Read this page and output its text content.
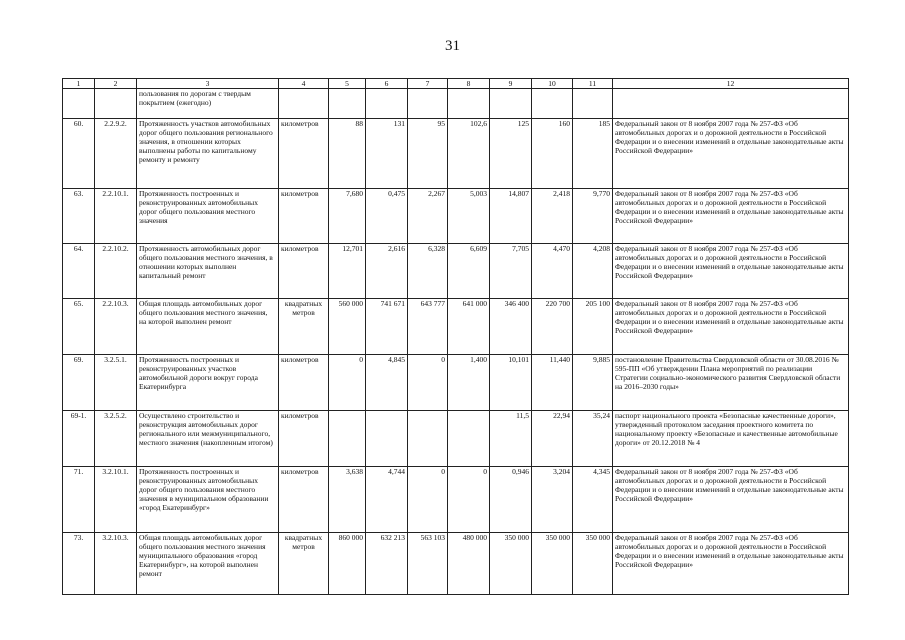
31
1	2	3	4	5	6	7	8	9	10	11	12
		пользования по дорогам с твердым покрытием (ежегодно)									
60.	2.2.9.2.	Протяженность участков автомобильных дорог общего пользования регионального значения, в отношении которых выполнены работы по капитальному ремонту и ремонту	километров	88	131	95	102,6	125	160	185	Федеральный закон от 8 ноября 2007 года № 257-ФЗ «Об автомобильных дорогах и о дорожной деятельности в Российской Федерации и о внесении изменений в отдельные законодательные акты Российской Федерации»
63.	2.2.10.1.	Протяженность построенных и реконструированных автомобильных дорог общего пользования местного значения	километров	7,680	0,475	2,267	5,003	14,807	2,418	9,770	Федеральный закон от 8 ноября 2007 года № 257-ФЗ «Об автомобильных дорогах и о дорожной деятельности в Российской Федерации и о внесении изменений в отдельные законодательные акты Российской Федерации»
64.	2.2.10.2.	Протяженность автомобильных дорог общего пользования местного значения, в отношении которых выполнен капитальный ремонт	километров	12,701	2,616	6,328	6,609	7,705	4,470	4,208	Федеральный закон от 8 ноября 2007 года № 257-ФЗ «Об автомобильных дорогах и о дорожной деятельности в Российской Федерации и о внесении изменений в отдельные законодательные акты Российской Федерации»
65.	2.2.10.3.	Общая площадь автомобильных дорог общего пользования местного значения, на которой выполнен ремонт	квадратных метров	560 000	741 671	643 777	641 000	346 400	220 700	205 100	Федеральный закон от 8 ноября 2007 года № 257-ФЗ «Об автомобильных дорогах и о дорожной деятельности в Российской Федерации и о внесении изменений в отдельные законодательные акты Российской Федерации»
69.	3.2.5.1.	Протяженность построенных и реконструированных участков автомобильной дороги вокруг города Екатеринбурга	километров	0	4,845	0	1,400	10,101	11,440	9,885	постановление Правительства Свердловской области от 30.08.2016 № 595-ПП «Об утверждении Плана мероприятий по реализации Стратегии социально-экономического развития Свердловской области на 2016–2030 годы»
69-1.	3.2.5.2.	Осуществлено строительство и реконструкция автомобильных дорог регионального или межмуниципального, местного значения (накопленным итогом)	километров					11,5	22,94	35,24	паспорт национального проекта «Безопасные качественные дороги», утвержденный протоколом заседания проектного комитета по национальному проекту «Безопасные и качественные автомобильные дороги» от 20.12.2018 № 4
71.	3.2.10.1.	Протяженность построенных и реконструированных автомобильных дорог общего пользования местного значения в муниципальном образовании «город Екатеринбург»	километров	3,638	4,744	0	0	0,946	3,204	4,345	Федеральный закон от 8 ноября 2007 года № 257-ФЗ «Об автомобильных дорогах и о дорожной деятельности в Российской Федерации и о внесении изменений в отдельные законодательные акты Российской Федерации»
73.	3.2.10.3.	Общая площадь автомобильных дорог общего пользования местного значения муниципального образования «город Екатеринбург», на которой выполнен ремонт	квадратных метров	860 000	632 213	563 103	480 000	350 000	350 000	350 000	Федеральный закон от 8 ноября 2007 года № 257-ФЗ «Об автомобильных дорогах и о дорожной деятельности в Российской Федерации и о внесении изменений в отдельные законодательные акты Российской Федерации»
